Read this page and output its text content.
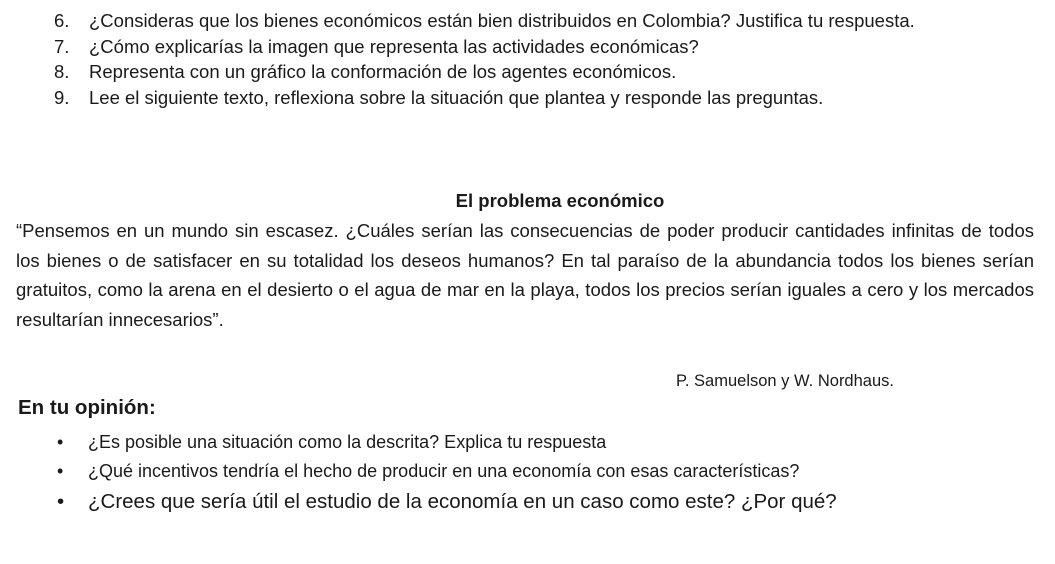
6. ¿Consideras que los bienes económicos están bien distribuidos en Colombia? Justifica tu respuesta.
7. ¿Cómo explicarías la imagen que representa las actividades económicas?
8. Representa con un gráfico la conformación de los agentes económicos.
9. Lee el siguiente texto, reflexiona sobre la situación que plantea y responde las preguntas.
El problema económico

“Pensemos en un mundo sin escasez. ¿Cuáles serían las consecuencias de poder producir cantidades infinitas de todos los bienes o de satisfacer en su totalidad los deseos humanos? En tal paraíso de la abundancia todos los bienes serían gratuitos, como la arena en el desierto o el agua de mar en la playa, todos los precios serían iguales a cero y los mercados resultarían innecesarios”.

P. Samuelson y W. Nordhaus.
En tu opinión:
• ¿Es posible una situación como la descrita? Explica tu respuesta
• ¿Qué incentivos tendría el hecho de producir en una economía con esas características?
• ¿Crees que sería útil el estudio de la economía en un caso como este? ¿Por qué?
